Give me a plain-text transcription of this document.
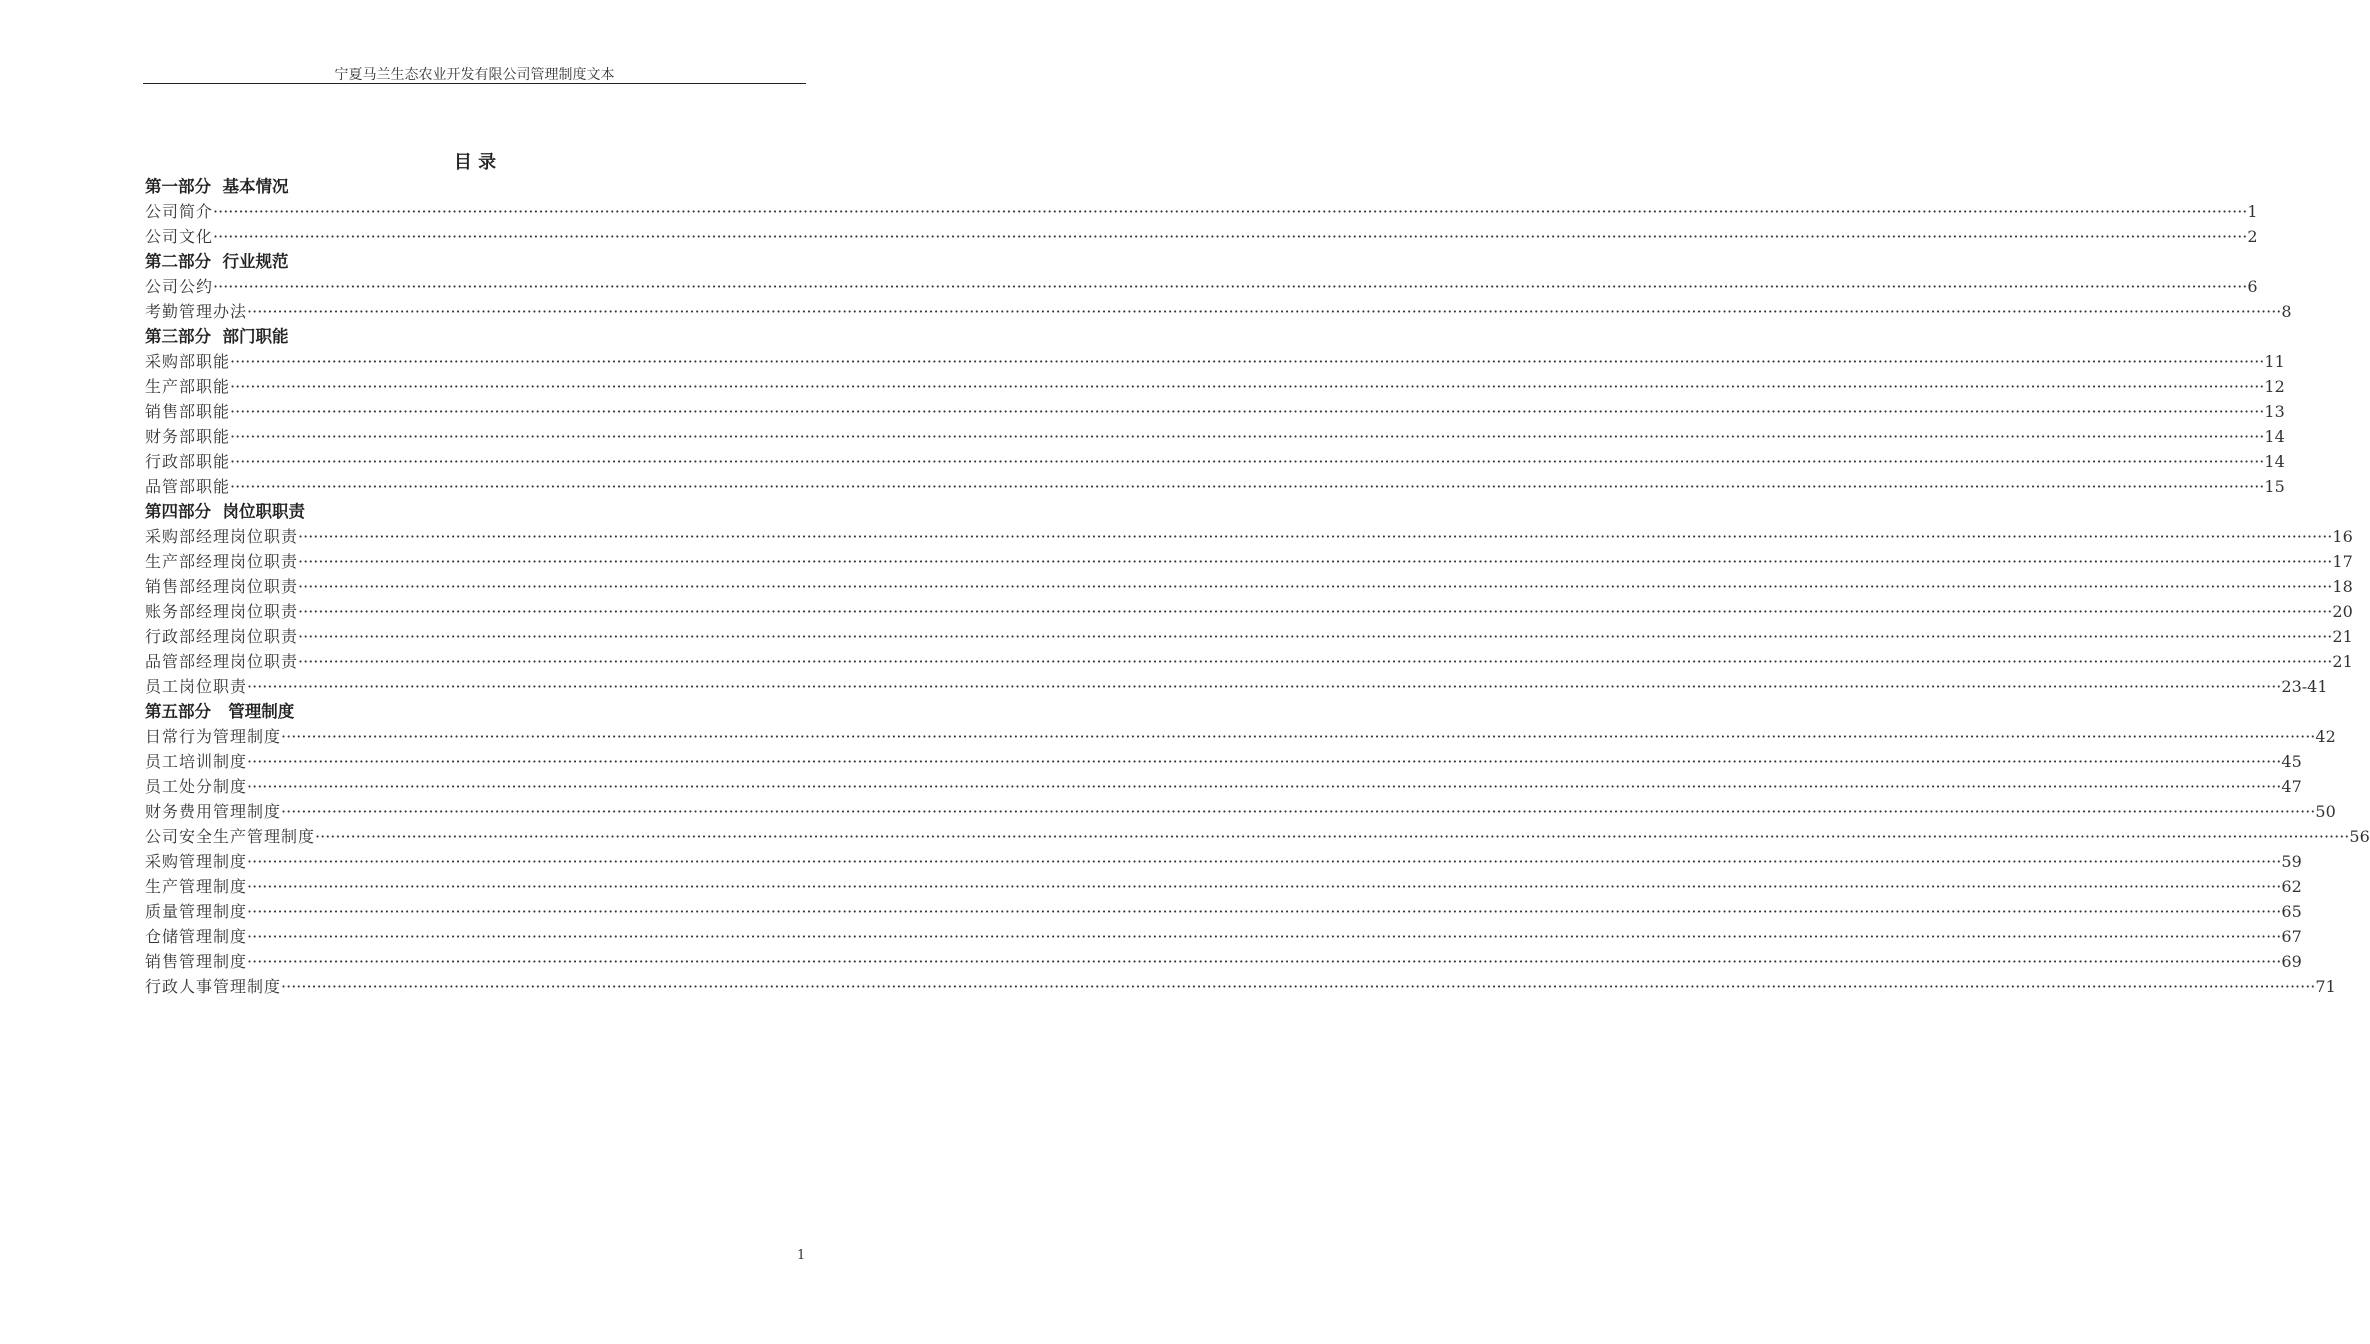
宁夏马兰生态农业开发有限公司管理制度文本
目 录
第一部分  基本情况
公司简介 ················································································································································································································································································································································································································ 1
公司文化 ················································································································································································································································································································································································································ 2
第二部分  行业规范
公司公约 ················································································································································································································································································································································································································ 6
考勤管理办法 ················································································································································································································································································································································································································ 8
第三部分  部门职能
采购部职能 ················································································································································································································································································································································································································ 11
生产部职能 ················································································································································································································································································································································································································ 12
销售部职能 ················································································································································································································································································································································································································ 13
财务部职能 ················································································································································································································································································································································································································ 14
行政部职能 ················································································································································································································································································································································································································ 14
品管部职能 ················································································································································································································································································································································································································ 15
第四部分  岗位职职责
采购部经理岗位职责 ················································································································································································································································································································································································································ 16
生产部经理岗位职责 ················································································································································································································································································································································································································ 17
销售部经理岗位职责 ················································································································································································································································································································································································································ 18
账务部经理岗位职责 ················································································································································································································································································································································································································ 20
行政部经理岗位职责 ················································································································································································································································································································································································································ 21
品管部经理岗位职责 ················································································································································································································································································································································································································ 21
员工岗位职责 ················································································································································································································································································································································································································ 23-41
第五部分   管理制度
日常行为管理制度 ················································································································································································································································································································································································································ 42
员工培训制度 ················································································································································································································································································································································································································ 45
员工处分制度 ················································································································································································································································································································································································································ 47
财务费用管理制度 ················································································································································································································································································································································································································ 50
公司安全生产管理制度 ················································································································································································································································································································································································································ 56
采购管理制度 ················································································································································································································································································································································································································ 59
生产管理制度 ················································································································································································································································································································································································································ 62
质量管理制度 ················································································································································································································································································································································································································ 65
仓储管理制度 ················································································································································································································································································································································································································ 67
销售管理制度 ················································································································································································································································································································································································································ 69
行政人事管理制度 ················································································································································································································································································································································································································ 71
1
